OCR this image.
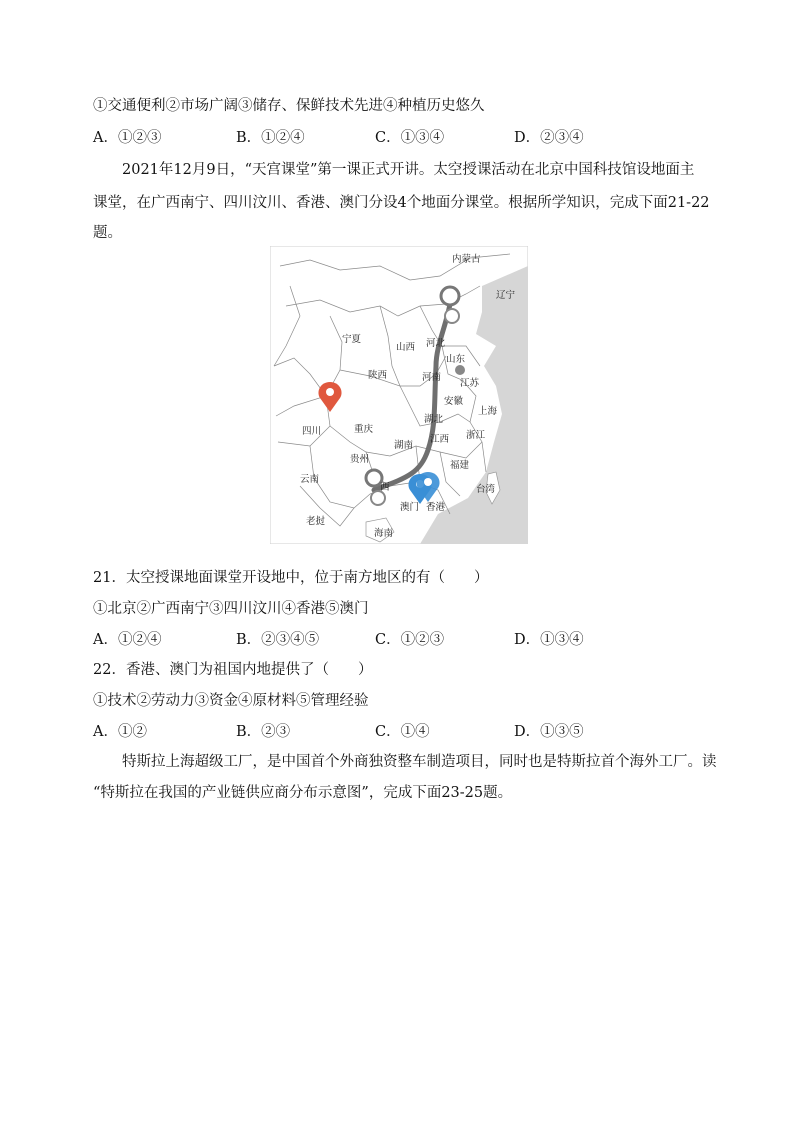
①交通便利②市场广阔③储存、保鲜技术先进④种植历史悠久
A．①②③	B．①②④	C．①③④	D．②③④
2021年12月9日，“天宫课堂”第一课正式开讲。太空授课活动在北京中国科技馆设地面主
课堂，在广西南宁、四川汶川、香港、澳门分设4个地面分课堂。根据所学知识，完成下面21-22
题。
内蒙古
辽宁
宁夏
山西 河北
山东
陕西	河南
江苏
安徽
上海
四川	重庆
湖北
浙江
湖南
江西
贵州
福建
云南
西	台湾
澳门 香港
老挝
海南
21．太空授课地面课堂开设地中，位于南方地区的有（　　）
①北京②广西南宁③四川汶川④香港⑤澳门
A．①②④	B．②③④⑤	C．①②③	D．①③④
22．香港、澳门为祖国内地提供了（　　）
①技术②劳动力③资金④原材料⑤管理经验
A．①②	B．②③	C．①④	D．①③⑤
特斯拉上海超级工厂，是中国首个外商独资整车制造项目，同时也是特斯拉首个海外工厂。读
“特斯拉在我国的产业链供应商分布示意图”，完成下面23-25题。
